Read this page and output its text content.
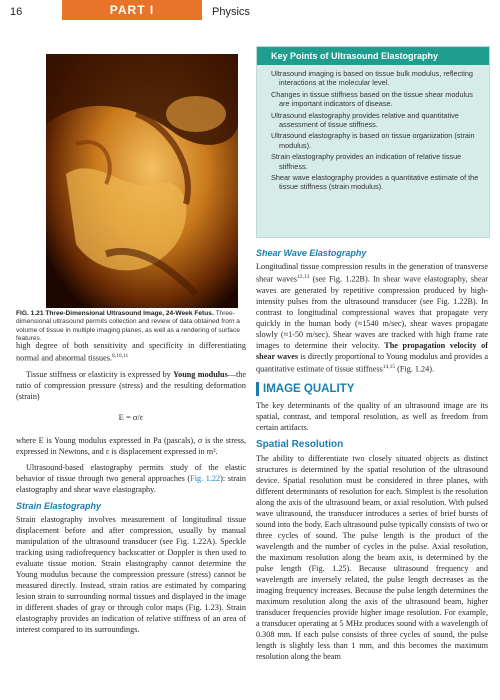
16	PART I	Physics
FIG. 1.21 Three-Dimensional Ultrasound Image, 24-Week Fetus. Three-dimensional ultrasound permits collection and review of data obtained from a volume of tissue in multiple imaging planes, as well as a rendering of surface features.
Key Points of Ultrasound Elastography
Ultrasound imaging is based on tissue bulk modulus, reflecting interactions at the molecular level.
Changes in tissue stiffness based on the tissue shear modulus are important indicators of disease.
Ultrasound elastography provides relative and quantitative assessment of tissue stiffness.
Ultrasound elastography is based on tissue organization (strain modulus).
Strain elastography provides an indication of relative tissue stiffness.
Shear wave elastography provides a quantitative estimate of the tissue stiffness (strain modulus).

high degree of both sensitivity and specificity in differentiating normal and abnormal tissues.$^{8,10,11}$

Tissue stiffness or elasticity is expressed by Young modulus—the ratio of compression pressure (stress) and the resulting deformation (strain)

E = σ/ε

where E is Young modulus expressed in Pa (pascals), σ is the stress, expressed in Newtons, and ε is displacement expressed in m².

Ultrasound-based elastography permits study of the elastic behavior of tissue through two general approaches (Fig. 1.22): strain elastography and shear wave elastography.

Strain Elastography

Strain elastography involves measurement of longitudinal tissue displacement before and after compression, usually by manual manipulation of the ultrasound transducer (see Fig. 1.22A). Speckle tracking using radiofrequency backscatter or Doppler is then used to evaluate tissue motion. Strain elastography cannot determine the Young modulus because the compression pressure (stress) cannot be measured directly. Instead, strain ratios are estimated by comparing lesion strain to surrounding normal tissues and displayed in the image in different shades of gray or through color maps (Fig. 1.23). Strain elastography provides an indication of relative stiffness of an area of interest compared to its surroundings.

Shear Wave Elastography

Longitudinal tissue compression results in the generation of transverse shear waves$^{12,13}$ (see Fig. 1.22B). In shear wave elastography, shear waves are generated by repetitive compression produced by high-intensity pulses from the ultrasound transducer (see Fig. 1.22B). In contrast to longitudinal compressional waves that propagate very quickly in the human body (≈1540 m/sec), shear waves propagate slowly (≈1-50 m/sec). Shear waves are tracked with high frame rate images to determine their velocity. The propagation velocity of shear waves is directly proportional to Young modulus and provides a quantitative estimate of tissue stiffness$^{14,15}$ (Fig. 1.24).

IMAGE QUALITY

The key determinants of the quality of an ultrasound image are its spatial, contrast, and temporal resolution, as well as freedom from certain artifacts.

Spatial Resolution

The ability to differentiate two closely situated objects as distinct structures is determined by the spatial resolution of the ultrasound device. Spatial resolution must be considered in three planes, with different determinants of resolution for each. Simplest is the resolution along the axis of the ultrasound beam, or axial resolution. With pulsed wave ultrasound, the transducer introduces a series of brief bursts of sound into the body. Each ultrasound pulse typically consists of two or three cycles of sound. The pulse length is the product of the wavelength and the number of cycles in the pulse. Axial resolution, the maximum resolution along the beam axis, is determined by the pulse length (Fig. 1.25). Because ultrasound frequency and wavelength are inversely related, the pulse length decreases as the imaging frequency increases. Because the pulse length determines the maximum resolution along the axis of the ultrasound beam, higher transducer frequencies provide higher image resolution. For example, a transducer operating at 5 MHz produces sound with a wavelength of 0.308 mm. If each pulse consists of three cycles of sound, the pulse length is slightly less than 1 mm, and this becomes the maximum resolution along the beam
